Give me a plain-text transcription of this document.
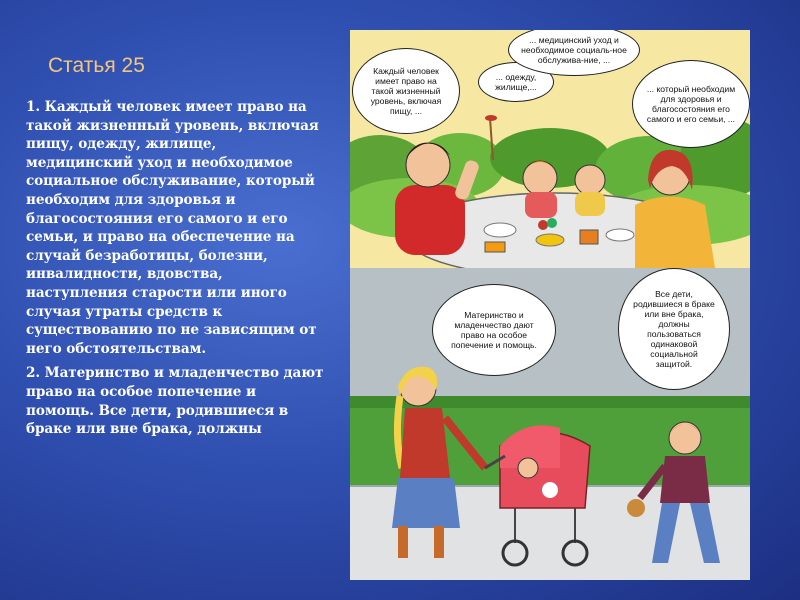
Статья 25

1. Каждый человек имеет право на такой жизненный уровень, включая пищу, одежду, жилище, медицинский уход и необходимое социальное обслуживание, который необходим для здоровья и благосостояния его самого и его семьи, и право на обеспечение на случай безработицы, болезни, инвалидности, вдовства, наступления старости или иного случая утраты средств к существованию по не зависящим от него обстоятельствам.

2. Материнство и младенчество дают право на особое попечение и помощь. Все дети, родившиеся в браке или вне брака, должны

Каждый человек имеет право на такой жизненный уровень, включая пищу, ...
... одежду, жилище,...
... медицинский уход и необходимое социаль-ное обслужива-ние, ...
... который необходим для здоровья и благосостояния его самого и его семьи, ...
Материнство и младенчество дают право на особое попечение и помощь.
Все дети, родившиеся в браке или вне брака, должны пользоваться одинаковой социальной защитой.
